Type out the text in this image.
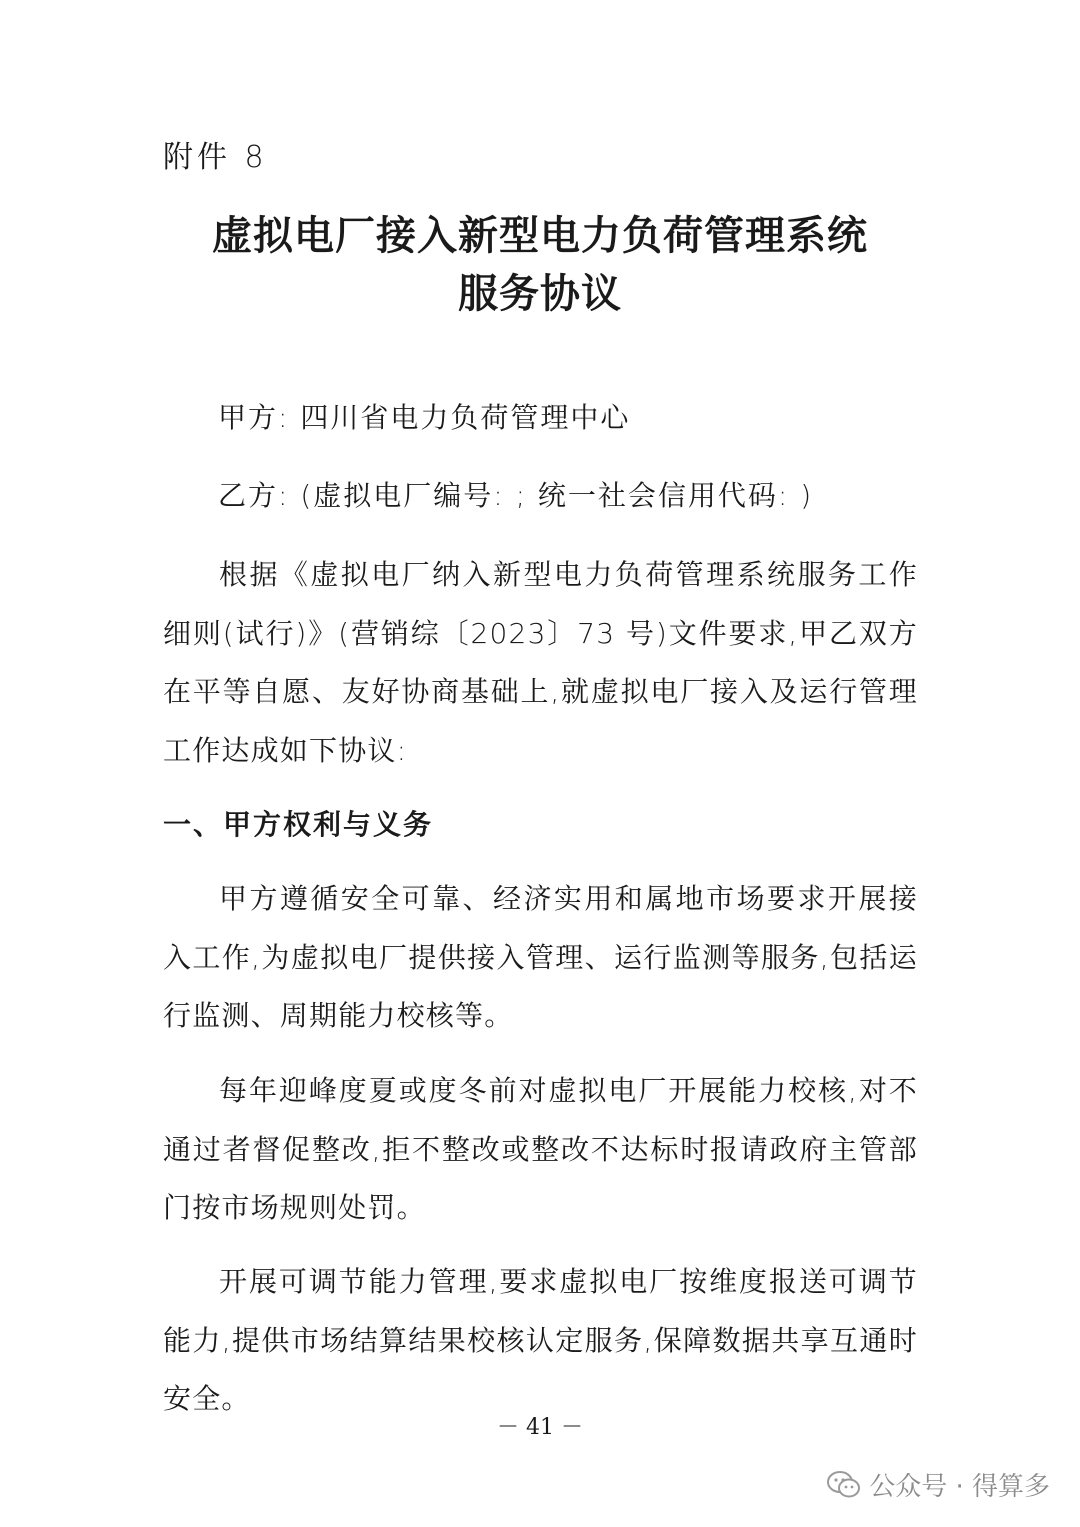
附件 8
虚拟电厂接入新型电力负荷管理系统
服务协议
甲方: 四川省电力负荷管理中心
乙方: (虚拟电厂编号: ; 统一社会信用代码: )
根据《虚拟电厂纳入新型电力负荷管理系统服务工作细则(试行)》(营销综〔2023〕73 号)文件要求,甲乙双方在平等自愿、友好协商基础上,就虚拟电厂接入及运行管理工作达成如下协议:
一、甲方权利与义务
甲方遵循安全可靠、经济实用和属地市场要求开展接入工作,为虚拟电厂提供接入管理、运行监测等服务,包括运行监测、周期能力校核等。
每年迎峰度夏或度冬前对虚拟电厂开展能力校核,对不通过者督促整改,拒不整改或整改不达标时报请政府主管部门按市场规则处罚。
开展可调节能力管理,要求虚拟电厂按维度报送可调节能力,提供市场结算结果校核认定服务,保障数据共享互通时安全。
－ 41 －
公众号 · 得算多
